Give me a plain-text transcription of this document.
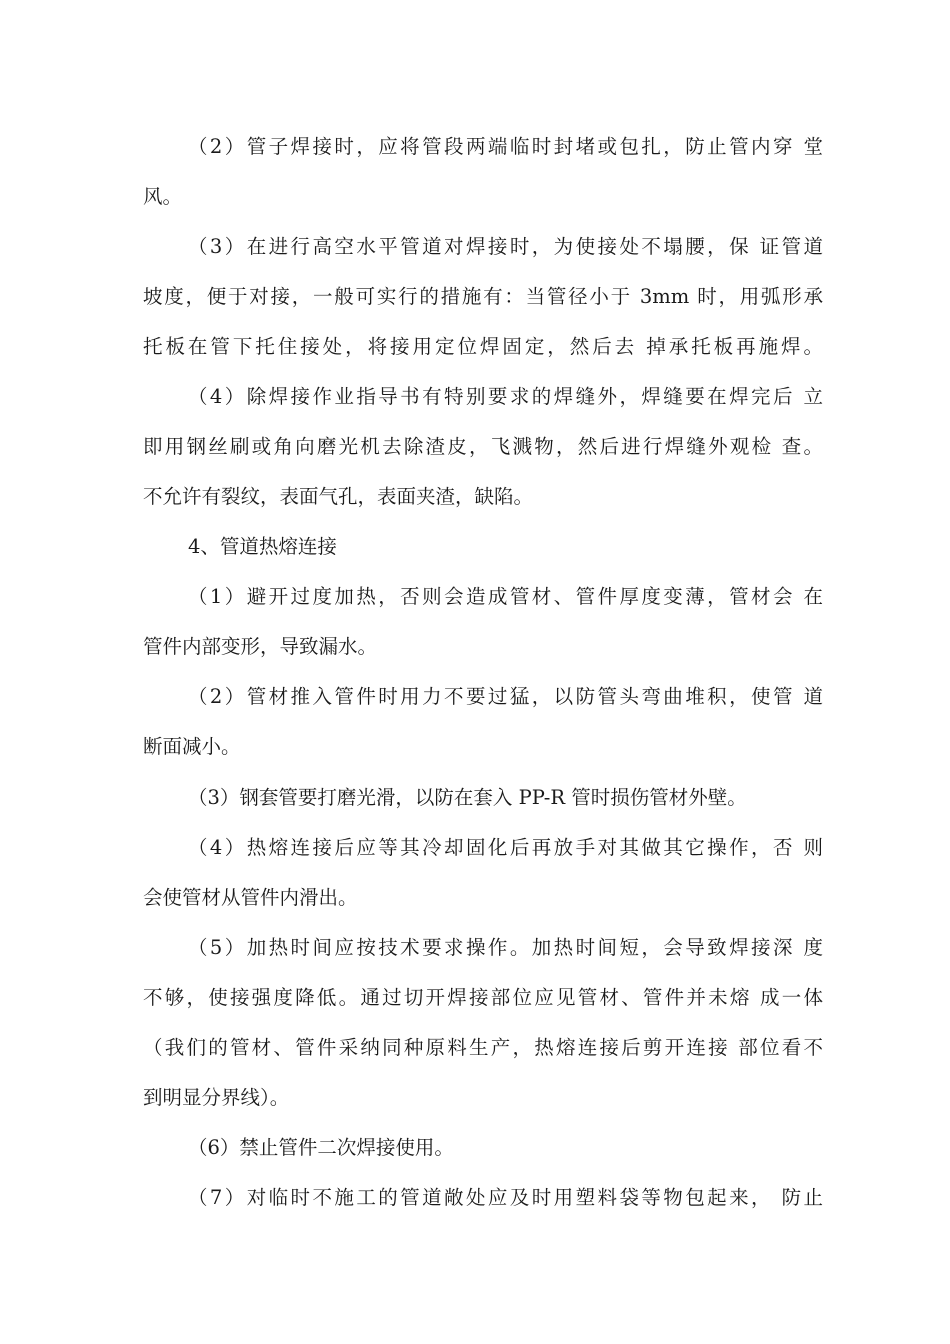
（2）管子焊接时，应将管段两端临时封堵或包扎，防止管内穿 堂
风。
（3）在进行高空水平管道对焊接时，为使接处不塌腰，保 证管道
坡度，便于对接，一般可实行的措施有：当管径小于 3mm 时，用弧形承
托板在管下托住接处，将接用定位焊固定，然后去 掉承托板再施焊。
（4）除焊接作业指导书有特别要求的焊缝外，焊缝要在焊完后 立
即用钢丝刷或角向磨光机去除渣皮，飞溅物，然后进行焊缝外观检 查。
不允许有裂纹，表面气孔，表面夹渣，缺陷。
4、管道热熔连接
（1）避开过度加热，否则会造成管材、管件厚度变薄，管材会 在
管件内部变形，导致漏水。
（2）管材推入管件时用力不要过猛，以防管头弯曲堆积，使管 道
断面减小。
（3）钢套管要打磨光滑，以防在套入 PP-R 管时损伤管材外壁。
（4）热熔连接后应等其冷却固化后再放手对其做其它操作，否 则
会使管材从管件内滑出。
（5）加热时间应按技术要求操作。加热时间短，会导致焊接深 度
不够，使接强度降低。通过切开焊接部位应见管材、管件并未熔 成一体
（我们的管材、管件采纳同种原料生产，热熔连接后剪开连接 部位看不
到明显分界线）。
（6）禁止管件二次焊接使用。
（7）对临时不施工的管道敞处应及时用塑料袋等物包起来， 防止
